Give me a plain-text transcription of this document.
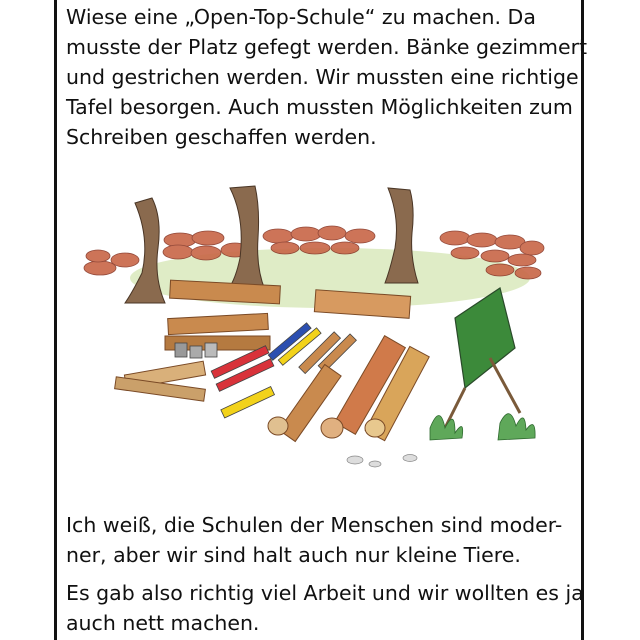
Wiese eine „Open-Top-Schule“ zu machen. Da

musste der Platz gefegt werden. Bänke gezimmert

und gestrichen werden. Wir mussten eine richtige

Tafel besorgen. Auch mussten Möglichkeiten zum

Schreiben geschaffen werden.

Ich weiß, die Schulen der Menschen sind moder-

ner, aber wir sind halt auch nur kleine Tiere.

Es gab also richtig viel Arbeit und wir wollten es ja

auch nett machen.
